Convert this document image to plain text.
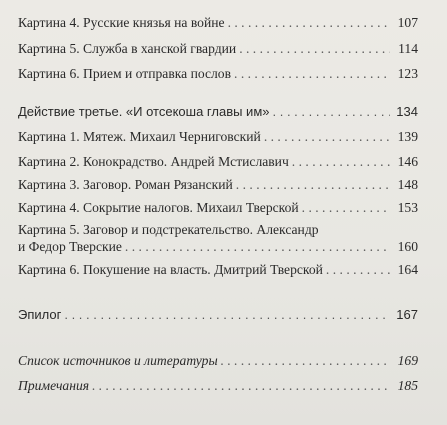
Картина 4. Русские князья на войне . . .	107
Картина 5. Служба в ханской гвардии . . .	114
Картина 6. Прием и отправка послов . . .	123
Действие третье. «И отсекоша главы им» . . .	134
Картина 1. Мятеж. Михаил Черниговский . . .	139
Картина 2. Конокрадство. Андрей Мстиславич . . .	146
Картина 3. Заговор. Роман Рязанский . . .	148
Картина 4. Сокрытие налогов. Михаил Тверской . . .	153
Картина 5. Заговор и подстрекательство. Александр
и Федор Тверские . . .	160
Картина 6. Покушение на власть. Дмитрий Тверской . . .	164
Эпилог . . .	167
Список источников и литературы . . .	169
Примечания . . .	185
